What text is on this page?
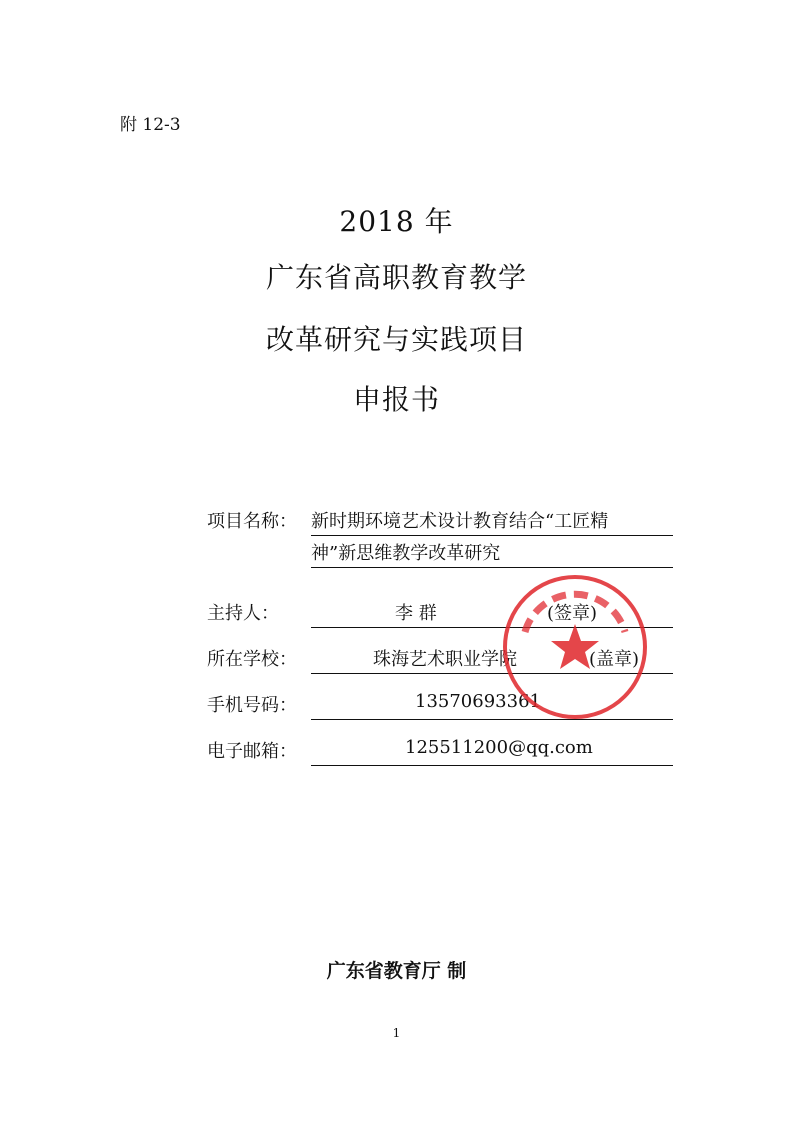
附 12-3
2018 年
广东省高职教育教学
改革研究与实践项目
申报书
项目名称： 新时期环境艺术设计教育结合“工匠精
神”新思维教学改革研究
主持人：	李 群	(签章)
所在学校：	珠海艺术职业学院	(盖章)
手机号码：	13570693361
电子邮箱：	125511200@qq.com
广东省教育厅 制
1
